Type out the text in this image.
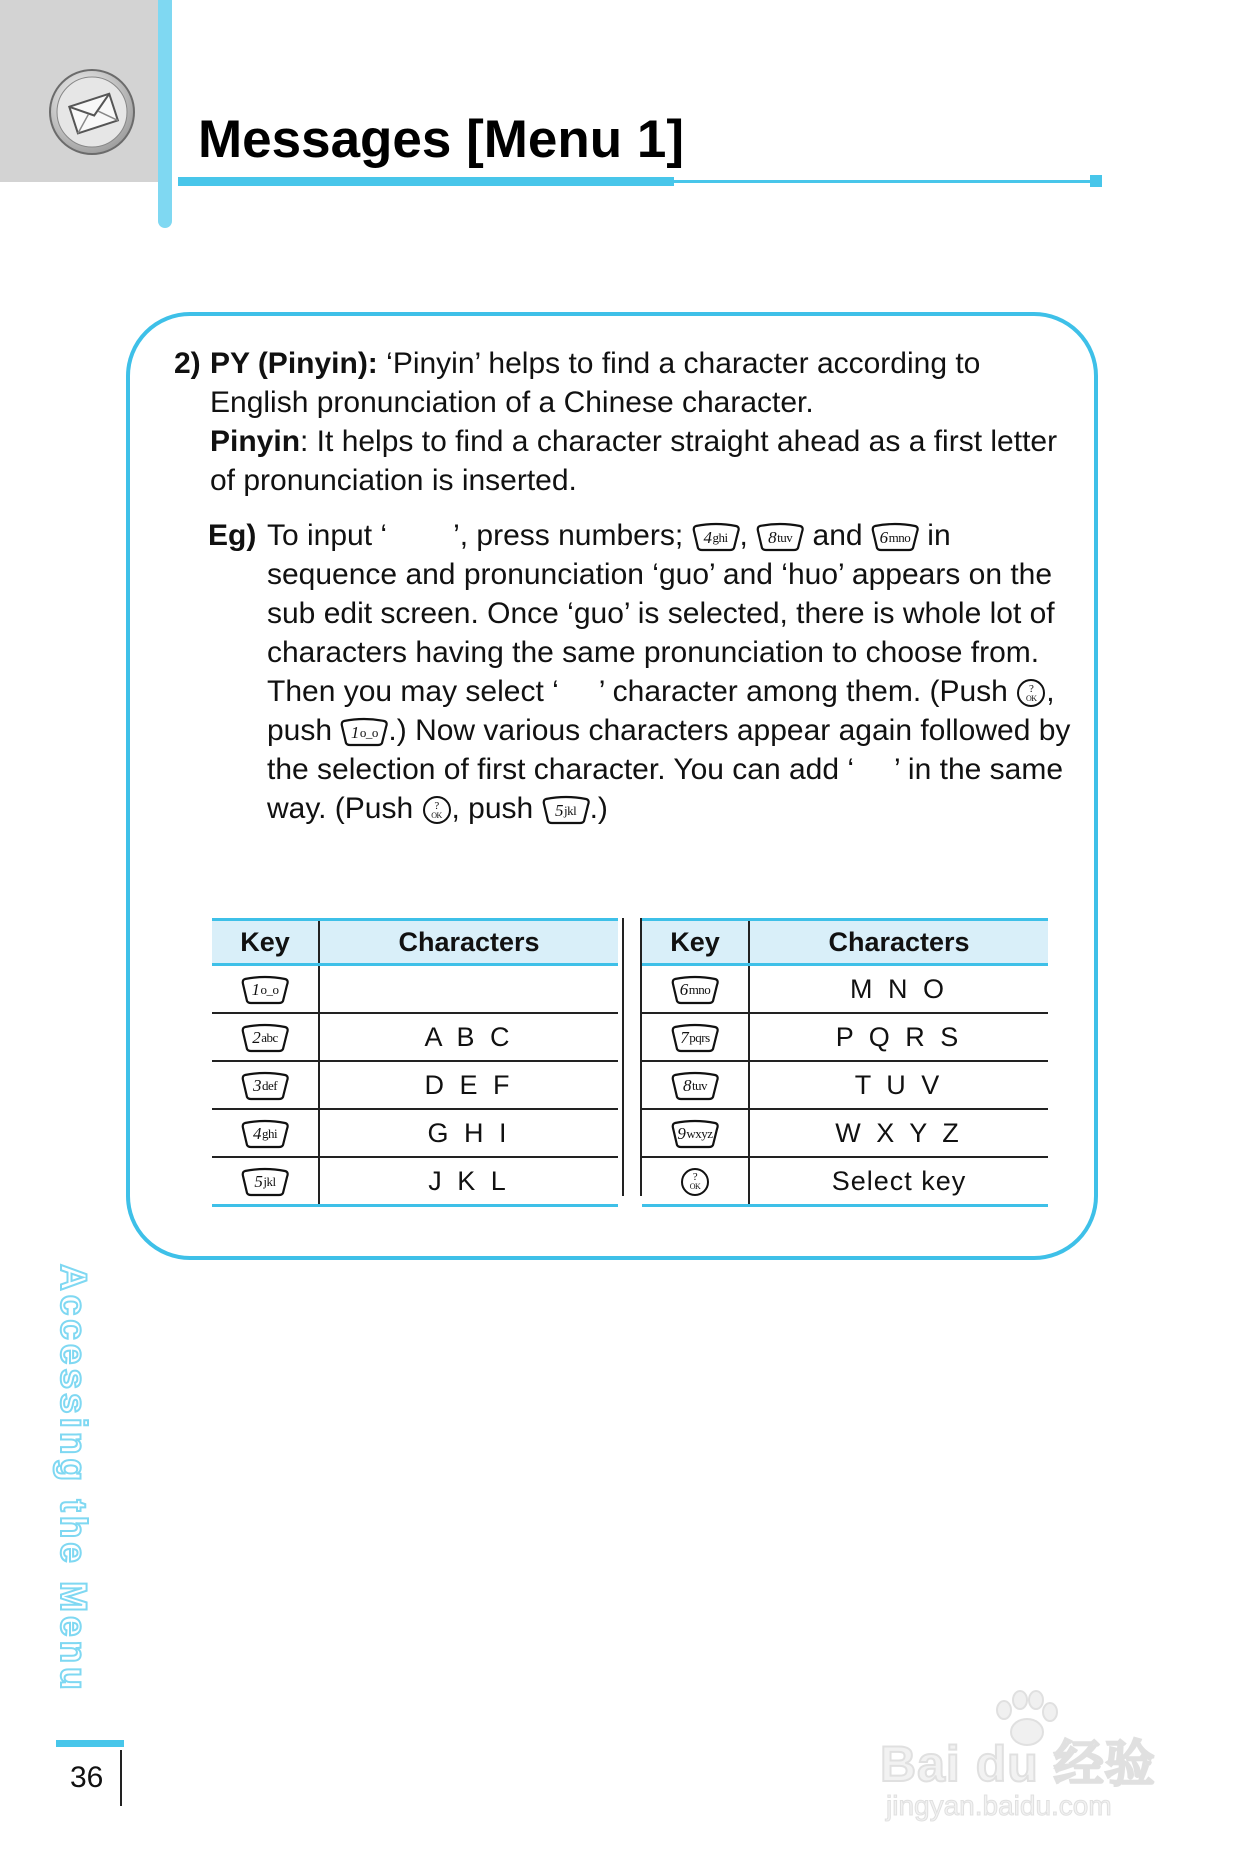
Messages [Menu 1]
2) PY (Pinyin): ‘Pinyin’ helps to find a character according to English pronunciation of a Chinese character.
Pinyin: It helps to find a character straight ahead as a first letter of pronunciation is inserted.
Eg) To input ‘ ’, press numbers; 4 ghi , 8 tuv and 6 mno in sequence and pronunciation ‘guo’ and ‘huo’ appears on the sub edit screen. Once ‘guo’ is selected, there is whole lot of characters having the same pronunciation to choose from. Then you may select ‘ ’ character among them. (Push ?
OK , push 1 o_o .) Now various characters appear again followed by the selection of first character. You can add ‘ ’ in the same way. (Push ?
OK , push 5 jkl .)
Key	Characters

1 o_o	

2 abc	A B C

3 def	D E F

4 ghi	G H I

5 jkl	J K L
Key	Characters

6 mno	M N O

7 pqrs	P Q R S

8 tuv	T U V

9 wxyz	W X Y Z

?
OK	Select key
Accessing the Menu
36	Bai du 经验
jingyan.baidu.com
